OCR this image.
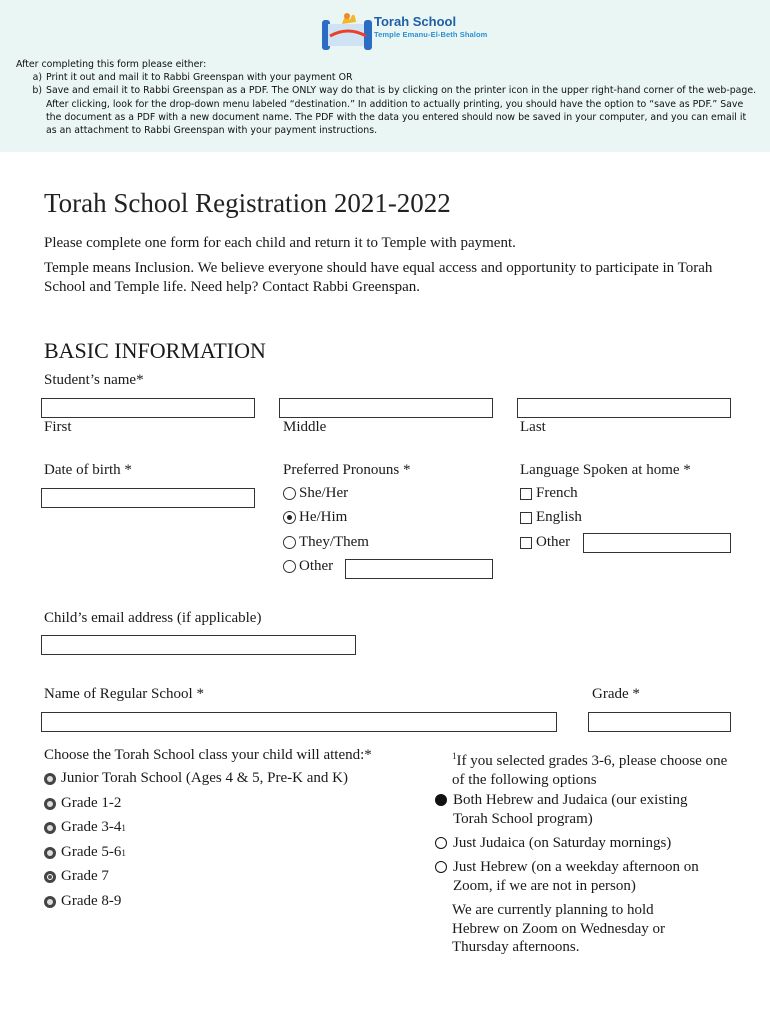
Torah School
Temple Emanu-El-Beth Shalom
After completing this form please either:
a) Print it out and mail it to Rabbi Greenspan with your payment OR
b) Save and email it to Rabbi Greenspan as a PDF. The ONLY way do that is by clicking on the printer icon in the upper right-hand corner of the web-page. After clicking, look for the drop-down menu labeled “destination.” In addition to actually printing, you should have the option to “save as PDF.” Save the document as a PDF with a new document name. The PDF with the data you entered should now be saved in your computer, and you can email it as an attachment to Rabbi Greenspan with your payment instructions.
Torah School Registration 2021-2022
Please complete one form for each child and return it to Temple with payment.
Temple means Inclusion. We believe everyone should have equal access and opportunity to participate in Torah School and Temple life. Need help? Contact Rabbi Greenspan.
BASIC INFORMATION
Student’s name*
First	Middle	Last
Date of birth *	Preferred Pronouns *
She/Her
He/Him
They/Them
Other
Language Spoken at home *
French
English
Other
Child’s email address (if applicable)
Name of Regular School *	Grade *
Choose the Torah School class your child will attend:*
Junior Torah School (Ages 4 & 5, Pre-K and K)
Grade 1-2
Grade 3-4 1
Grade 5-6 1
Grade 7
Grade 8-9
$^1$If you selected grades 3-6, please choose one of the following options
Both Hebrew and Judaica (our existing Torah School program)
Just Judaica (on Saturday mornings)
Just Hebrew (on a weekday afternoon on Zoom, if we are not in person)
We are currently planning to hold Hebrew on Zoom on Wednesday or Thursday afternoons.
